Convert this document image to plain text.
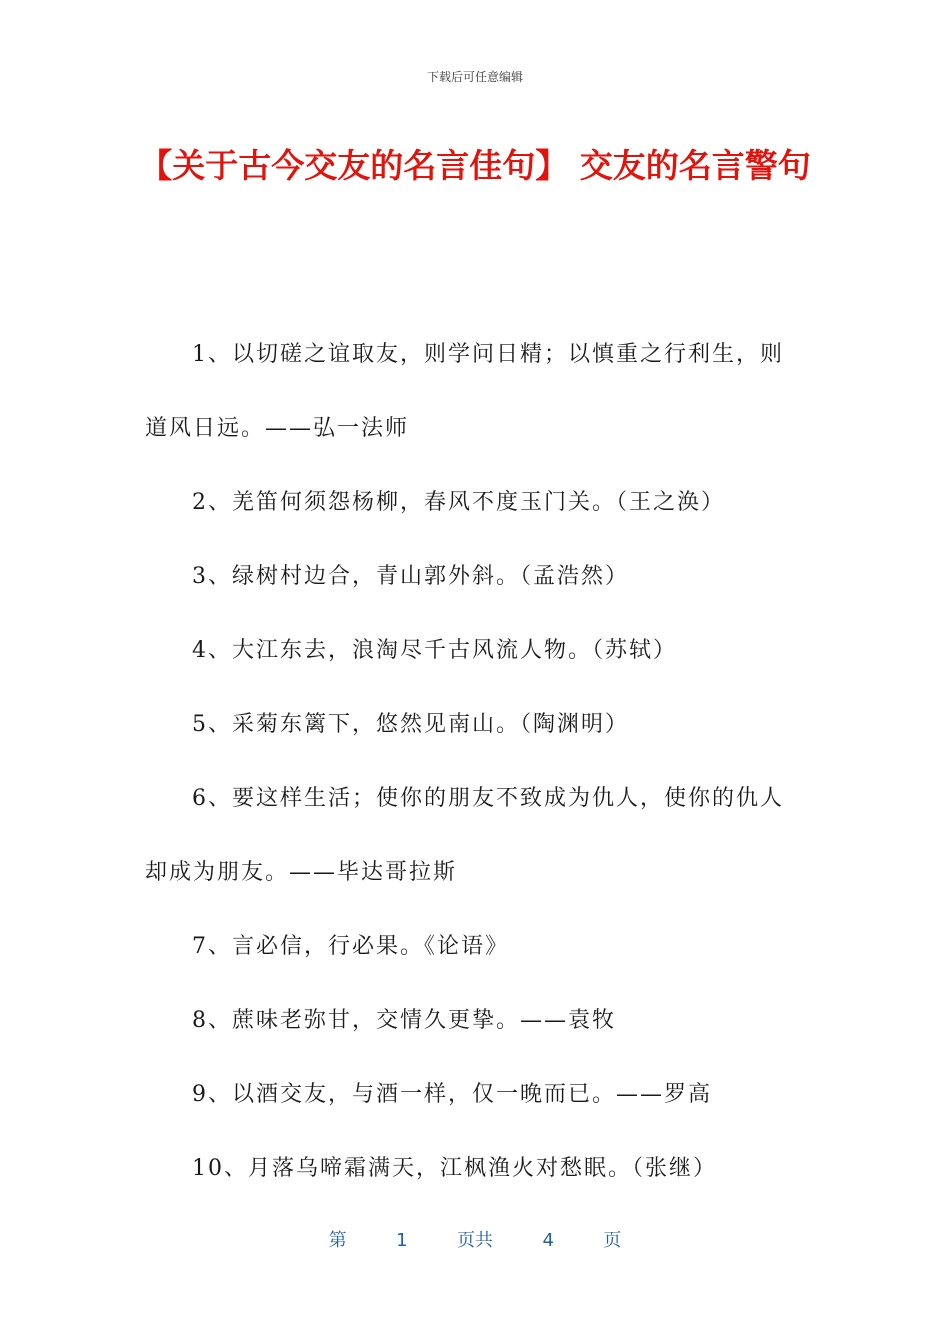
下载后可任意编辑
【关于古今交友的名言佳句】 交友的名言警句

1、以切磋之谊取友，则学问日精；以慎重之行利生，则道风日远。——弘一法师

2、羌笛何须怨杨柳，春风不度玉门关。（王之涣）

3、绿树村边合，青山郭外斜。（孟浩然）

4、大江东去，浪淘尽千古风流人物。（苏轼）

5、采菊东篱下，悠然见南山。（陶渊明）

6、要这样生活；使你的朋友不致成为仇人，使你的仇人却成为朋友。——毕达哥拉斯

7、言必信，行必果。《论语》

8、蔗味老弥甘，交情久更挚。——袁牧

9、以酒交友，与酒一样，仅一晚而已。——罗高

10、月落乌啼霜满天，江枫渔火对愁眠。（张继）

第	1	页共	4	页
